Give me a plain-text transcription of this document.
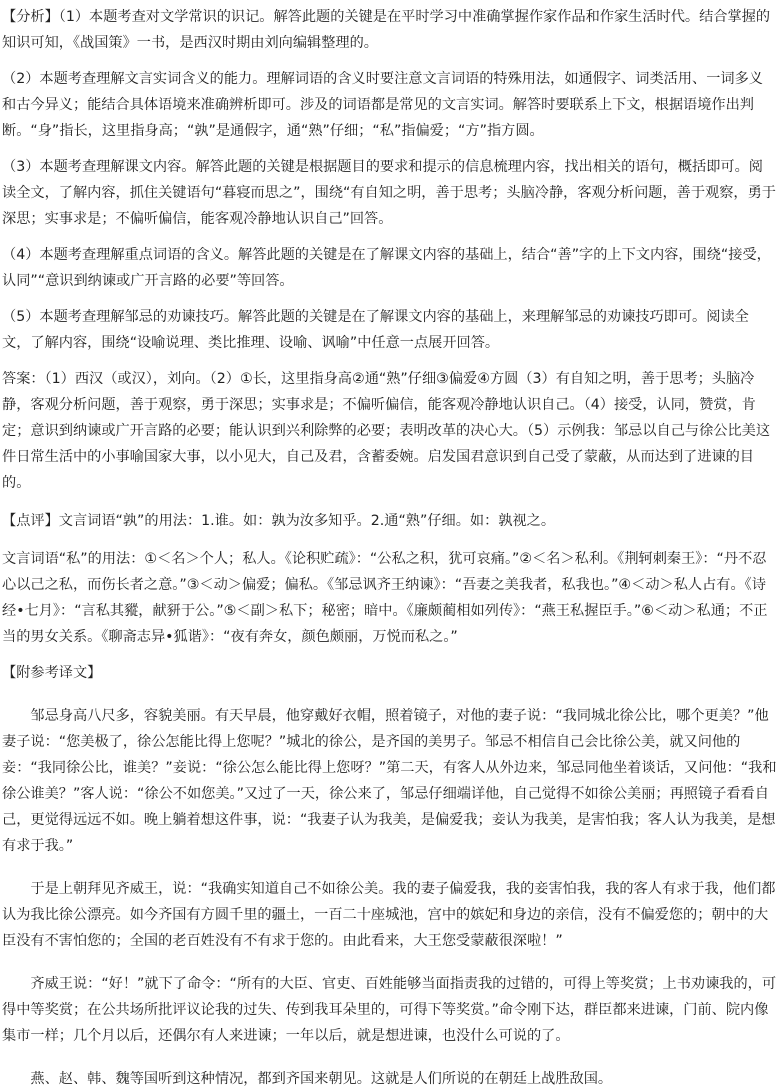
【分析】（1）本题考查对文学常识的识记。解答此题的关键是在平时学习中准确掌握作家作品和作家生活时代。结合掌握的知识可知，《战国策》一书，是西汉时期由刘向编辑整理的。

（2）本题考查理解文言实词含义的能力。理解词语的含义时要注意文言词语的特殊用法，如通假字、词类活用、一词多义和古今异义；能结合具体语境来准确辨析即可。涉及的词语都是常见的文言实词。解答时要联系上下文，根据语境作出判断。“身”指长，这里指身高；“孰”是通假字，通“熟”仔细；“私”指偏爱；“方”指方圆。

（3）本题考查理解课文内容。解答此题的关键是根据题目的要求和提示的信息梳理内容，找出相关的语句，概括即可。阅读全文，了解内容，抓住关键语句“暮寝而思之”，围绕“有自知之明，善于思考；头脑冷静，客观分析问题，善于观察，勇于深思；实事求是；不偏听偏信，能客观冷静地认识自己”回答。

（4）本题考查理解重点词语的含义。解答此题的关键是在了解课文内容的基础上，结合“善”字的上下文内容，围绕“接受，认同”“意识到纳谏或广开言路的必要”等回答。

（5）本题考查理解邹忌的劝谏技巧。解答此题的关键是在了解课文内容的基础上，来理解邹忌的劝谏技巧即可。阅读全文，了解内容，围绕“设喻说理、类比推理、设喻、讽喻”中任意一点展开回答。

答案：（1）西汉（或汉），刘向。（2）①长，这里指身高②通“熟”仔细③偏爱④方圆（3）有自知之明，善于思考；头脑冷静，客观分析问题，善于观察，勇于深思；实事求是；不偏听偏信，能客观冷静地认识自己。（4）接受，认同，赞赏，肯定；意识到纳谏或广开言路的必要；能认识到兴利除弊的必要；表明改革的决心大。（5）示例我：邹忌以自己与徐公比美这件日常生活中的小事喻国家大事，以小见大，自己及君，含蓄委婉。启发国君意识到自己受了蒙蔽，从而达到了进谏的目的。

【点评】文言词语“孰”的用法：1.谁。如：孰为汝多知乎。2.通“熟”仔细。如：孰视之。

文言词语“私”的用法：①＜名＞个人；私人。《论积贮疏》：“公私之积，犹可哀痛。”②＜名＞私利。《荆轲刺秦王》：“丹不忍心以己之私，而伤长者之意。”③＜动＞偏爱；偏私。《邹忌讽齐王纳谏》：“吾妻之美我者，私我也。”④＜动＞私人占有。《诗经•七月》：“言私其豵，献豜于公。”⑤＜副＞私下；秘密；暗中。《廉颇蔺相如列传》：“燕王私握臣手。”⑥＜动＞私通；不正当的男女关系。《聊斋志异•狐谐》：“夜有奔女，颜色颇丽，万悦而私之。”

【附参考译文】

邹忌身高八尺多，容貌美丽。有天早晨，他穿戴好衣帽，照着镜子，对他的妻子说：“我同城北徐公比，哪个更美？”他妻子说：“您美极了，徐公怎能比得上您呢？”城北的徐公，是齐国的美男子。邹忌不相信自己会比徐公美，就又问他的妾：“我同徐公比，谁美？”妾说：“徐公怎么能比得上您呀？”第二天，有客人从外边来，邹忌同他坐着谈话，又问他：“我和徐公谁美？”客人说：“徐公不如您美。”又过了一天，徐公来了，邹忌仔细端详他，自己觉得不如徐公美丽；再照镜子看看自己，更觉得远远不如。晚上躺着想这件事，说：“我妻子认为我美，是偏爱我；妾认为我美，是害怕我；客人认为我美，是想有求于我。”

于是上朝拜见齐威王，说：“我确实知道自己不如徐公美。我的妻子偏爱我，我的妾害怕我，我的客人有求于我，他们都认为我比徐公漂亮。如今齐国有方圆千里的疆土，一百二十座城池，宫中的嫔妃和身边的亲信，没有不偏爱您的；朝中的大臣没有不害怕您的；全国的老百姓没有不有求于您的。由此看来，大王您受蒙蔽很深啦！”

齐威王说：“好！”就下了命令：“所有的大臣、官吏、百姓能够当面指责我的过错的，可得上等奖赏；上书劝谏我的，可得中等奖赏；在公共场所批评议论我的过失、传到我耳朵里的，可得下等奖赏。”命令刚下达，群臣都来进谏，门前、院内像集市一样；几个月以后，还偶尔有人来进谏；一年以后，就是想进谏，也没什么可说的了。

燕、赵、韩、魏等国听到这种情况，都到齐国来朝见。这就是人们所说的在朝廷上战胜敌国。
